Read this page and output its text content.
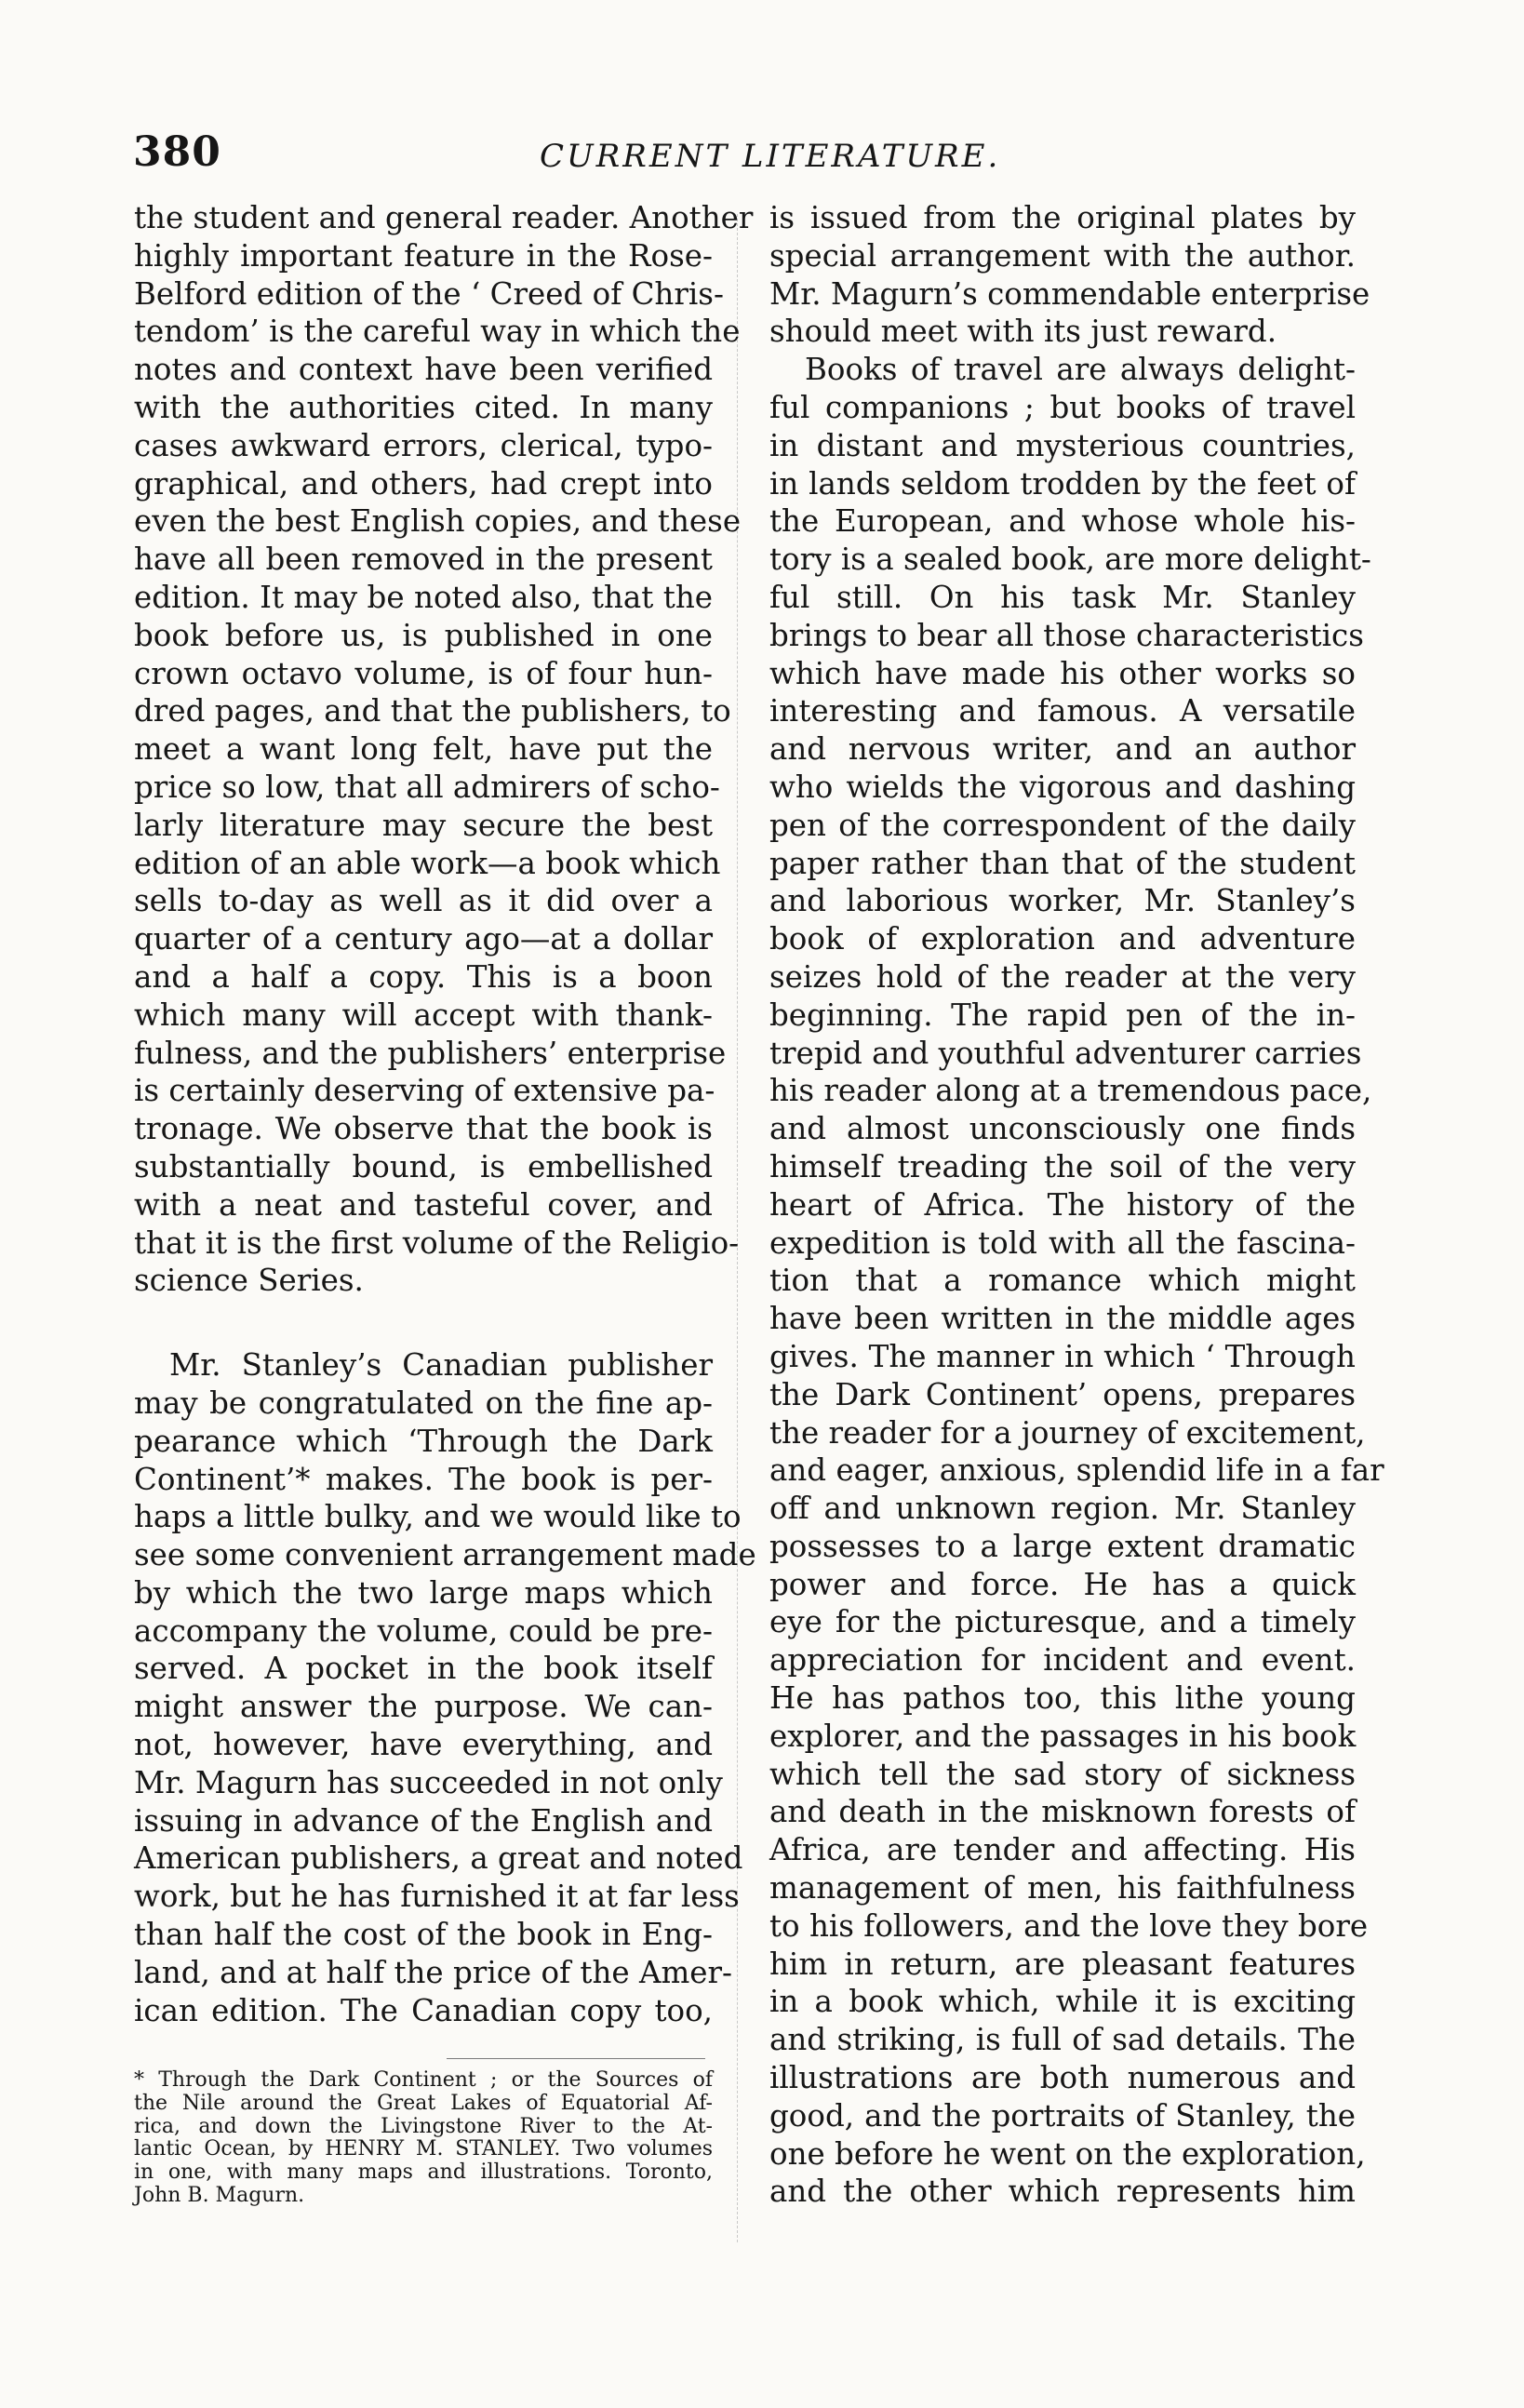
380	CURRENT LITERATURE.
the student and general reader. Another
highly important feature in the Rose-
Belford edition of the ‘ Creed of Chris-
tendom’ is the careful way in which the
notes and context have been verified
with the authorities cited. In many
cases awkward errors, clerical, typo-
graphical, and others, had crept into
even the best English copies, and these
have all been removed in the present
edition. It may be noted also, that the
book before us, is published in one
crown octavo volume, is of four hun-
dred pages, and that the publishers, to
meet a want long felt, have put the
price so low, that all admirers of scho-
larly literature may secure the best
edition of an able work—a book which
sells to-day as well as it did over a
quarter of a century ago—at a dollar
and a half a copy. This is a boon
which many will accept with thank-
fulness, and the publishers’ enterprise
is certainly deserving of extensive pa-
tronage. We observe that the book is
substantially bound, is embellished
with a neat and tasteful cover, and
that it is the first volume of the Religio-
science Series.
Mr. Stanley’s Canadian publisher
may be congratulated on the fine ap-
pearance which ‘Through the Dark
Continent’* makes. The book is per-
haps a little bulky, and we would like to
see some convenient arrangement made
by which the two large maps which
accompany the volume, could be pre-
served. A pocket in the book itself
might answer the purpose. We can-
not, however, have everything, and
Mr. Magurn has succeeded in not only
issuing in advance of the English and
American publishers, a great and noted
work, but he has furnished it at far less
than half the cost of the book in Eng-
land, and at half the price of the Amer-
ican edition. The Canadian copy too,
* Through the Dark Continent ; or the Sources of
the Nile around the Great Lakes of Equatorial Af-
rica, and down the Livingstone River to the At-
lantic Ocean, by HENRY M. STANLEY. Two volumes
in one, with many maps and illustrations. Toronto,
John B. Magurn.
is issued from the original plates by
special arrangement with the author.
Mr. Magurn’s commendable enterprise
should meet with its just reward.
Books of travel are always delight-
ful companions ; but books of travel
in distant and mysterious countries,
in lands seldom trodden by the feet of
the European, and whose whole his-
tory is a sealed book, are more delight-
ful still. On his task Mr. Stanley
brings to bear all those characteristics
which have made his other works so
interesting and famous. A versatile
and nervous writer, and an author
who wields the vigorous and dashing
pen of the correspondent of the daily
paper rather than that of the student
and laborious worker, Mr. Stanley’s
book of exploration and adventure
seizes hold of the reader at the very
beginning. The rapid pen of the in-
trepid and youthful adventurer carries
his reader along at a tremendous pace,
and almost unconsciously one finds
himself treading the soil of the very
heart of Africa. The history of the
expedition is told with all the fascina-
tion that a romance which might
have been written in the middle ages
gives. The manner in which ‘ Through
the Dark Continent’ opens, prepares
the reader for a journey of excitement,
and eager, anxious, splendid life in a far
off and unknown region. Mr. Stanley
possesses to a large extent dramatic
power and force. He has a quick
eye for the picturesque, and a timely
appreciation for incident and event.
He has pathos too, this lithe young
explorer, and the passages in his book
which tell the sad story of sickness
and death in the misknown forests of
Africa, are tender and affecting. His
management of men, his faithfulness
to his followers, and the love they bore
him in return, are pleasant features
in a book which, while it is exciting
and striking, is full of sad details. The
illustrations are both numerous and
good, and the portraits of Stanley, the
one before he went on the exploration,
and the other which represents him
